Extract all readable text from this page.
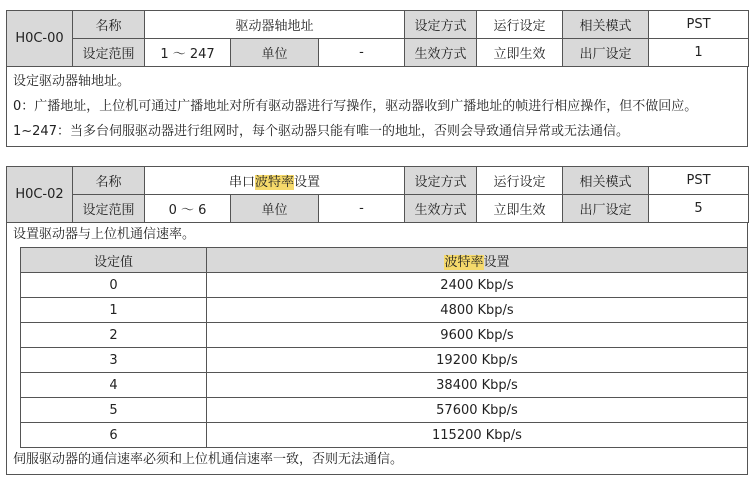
H0C-00	名称	驱动器轴地址			设定方式	运行设定	相关模式	PST
	设定范围	1 ～ 247	单位	-	生效方式	立即生效	出厂设定	1

设定驱动器轴地址。

0：广播地址，上位机可通过广播地址对所有驱动器进行写操作，驱动器收到广播地址的帧进行相应操作，但不做回应。

1~247：当多台伺服驱动器进行组网时，每个驱动器只能有唯一的地址，否则会导致通信异常或无法通信。

H0C-02	名称	串口波特率设置			设定方式	运行设定	相关模式	PST
	设定范围	0 ～ 6	单位	-	生效方式	立即生效	出厂设定	5

设置驱动器与上位机通信速率。

设定值	波特率设置
0	2400 Kbp/s
1	4800 Kbp/s
2	9600 Kbp/s
3	19200 Kbp/s
4	38400 Kbp/s
5	57600 Kbp/s
6	115200 Kbp/s

伺服驱动器的通信速率必须和上位机通信速率一致，否则无法通信。
